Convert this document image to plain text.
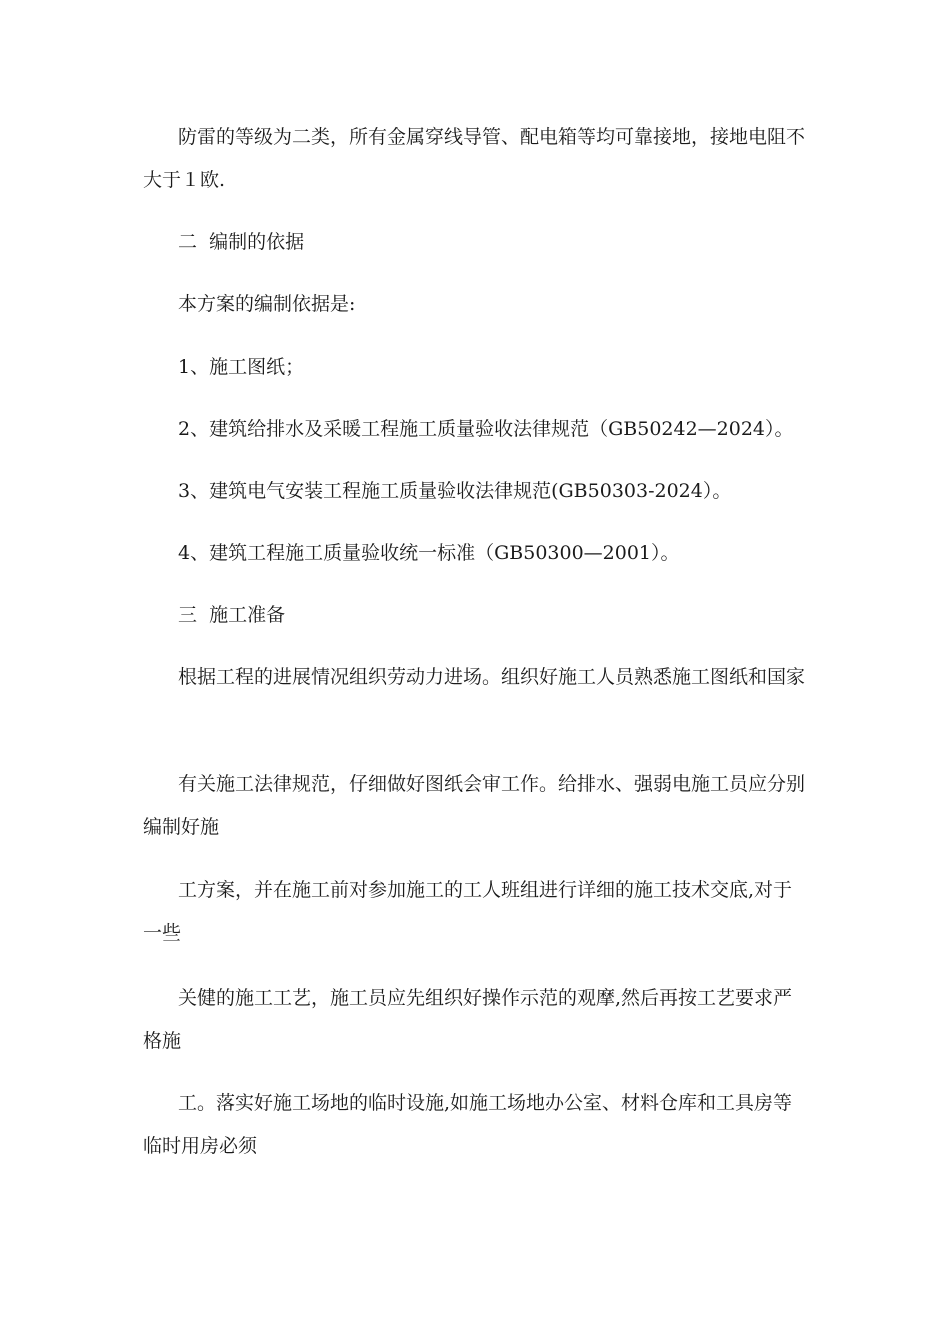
防雷的等级为二类，所有金属穿线导管、配电箱等均可靠接地，接地电阻不大于１欧.

二  编制的依据

本方案的编制依据是:

1、施工图纸；

2、建筑给排水及采暖工程施工质量验收法律规范（GB50242—2024）。

3、建筑电气安装工程施工质量验收法律规范(GB50303-2024）。

4、建筑工程施工质量验收统一标准（GB50300—2001）。

三  施工准备

根据工程的进展情况组织劳动力进场。组织好施工人员熟悉施工图纸和国家

有关施工法律规范，仔细做好图纸会审工作。给排水、强弱电施工员应分别编制好施

工方案，并在施工前对参加施工的工人班组进行详细的施工技术交底,对于一些

关健的施工工艺，施工员应先组织好操作示范的观摩,然后再按工艺要求严格施

工。落实好施工场地的临时设施,如施工场地办公室、材料仓库和工具房等临时用房必须
